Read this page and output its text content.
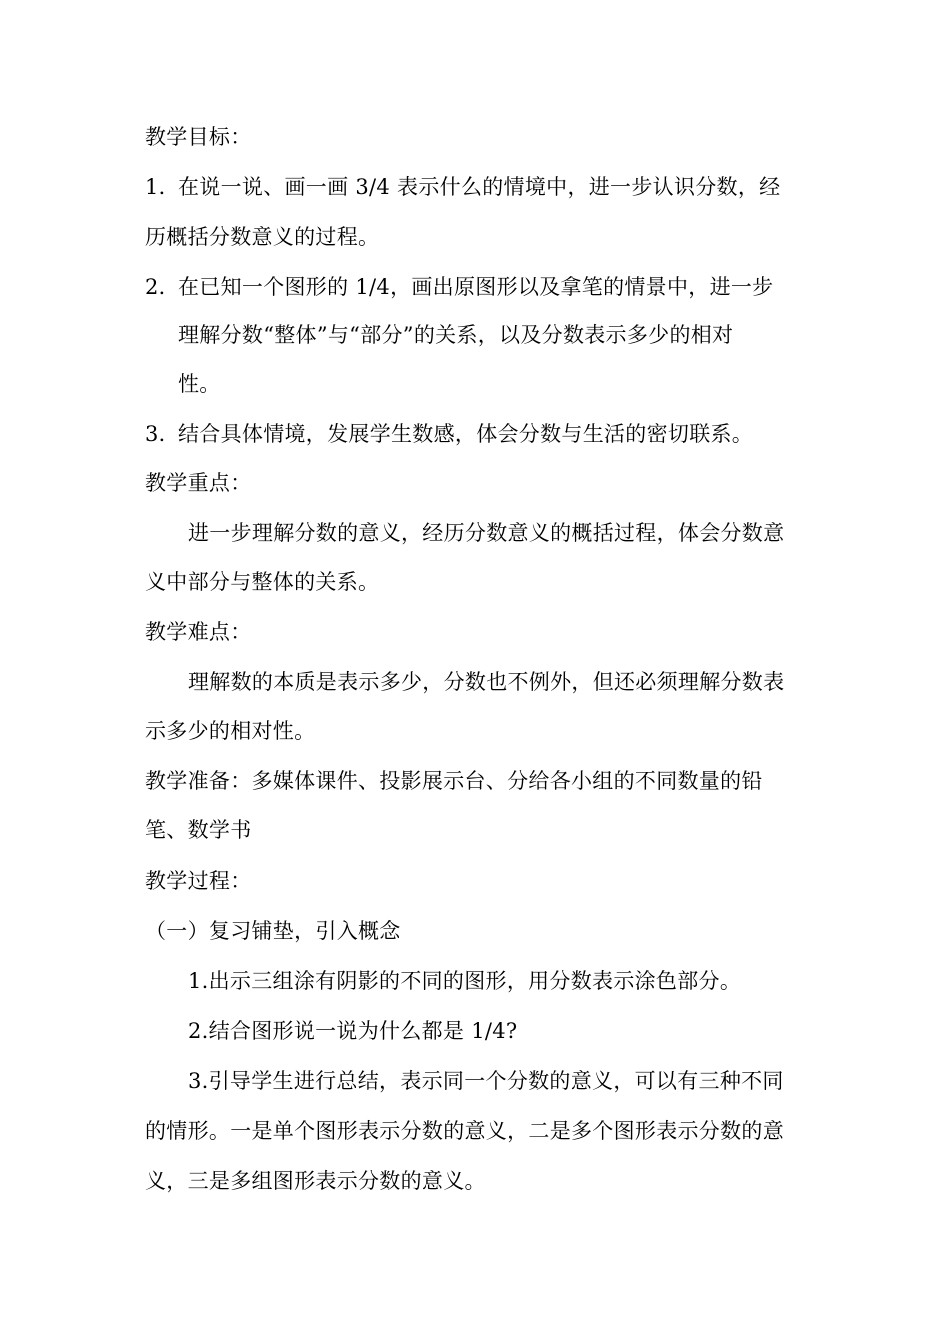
教学目标：
1．
在说一说、画一画 3/4 表示什么的情境中，进一步认识分数，经
历概括分数意义的过程。
2．
在已知一个图形的 1/4，画出原图形以及拿笔的情景中，进一步
理解分数“整体”与“部分”的关系，以及分数表示多少的相对
性。
3．
结合具体情境，发展学生数感，体会分数与生活的密切联系。
教学重点：
进一步理解分数的意义，经历分数意义的概括过程，体会分数意
义中部分与整体的关系。
教学难点：
理解数的本质是表示多少，分数也不例外，但还必须理解分数表
示多少的相对性。
教学准备：多媒体课件、投影展示台、分给各小组的不同数量的铅
笔、数学书
教学过程：
（一）复习铺垫，引入概念
1.出示三组涂有阴影的不同的图形，用分数表示涂色部分。
2.结合图形说一说为什么都是 1/4?
3.引导学生进行总结，表示同一个分数的意义，可以有三种不同
的情形。一是单个图形表示分数的意义，二是多个图形表示分数的意
义，三是多组图形表示分数的意义。
